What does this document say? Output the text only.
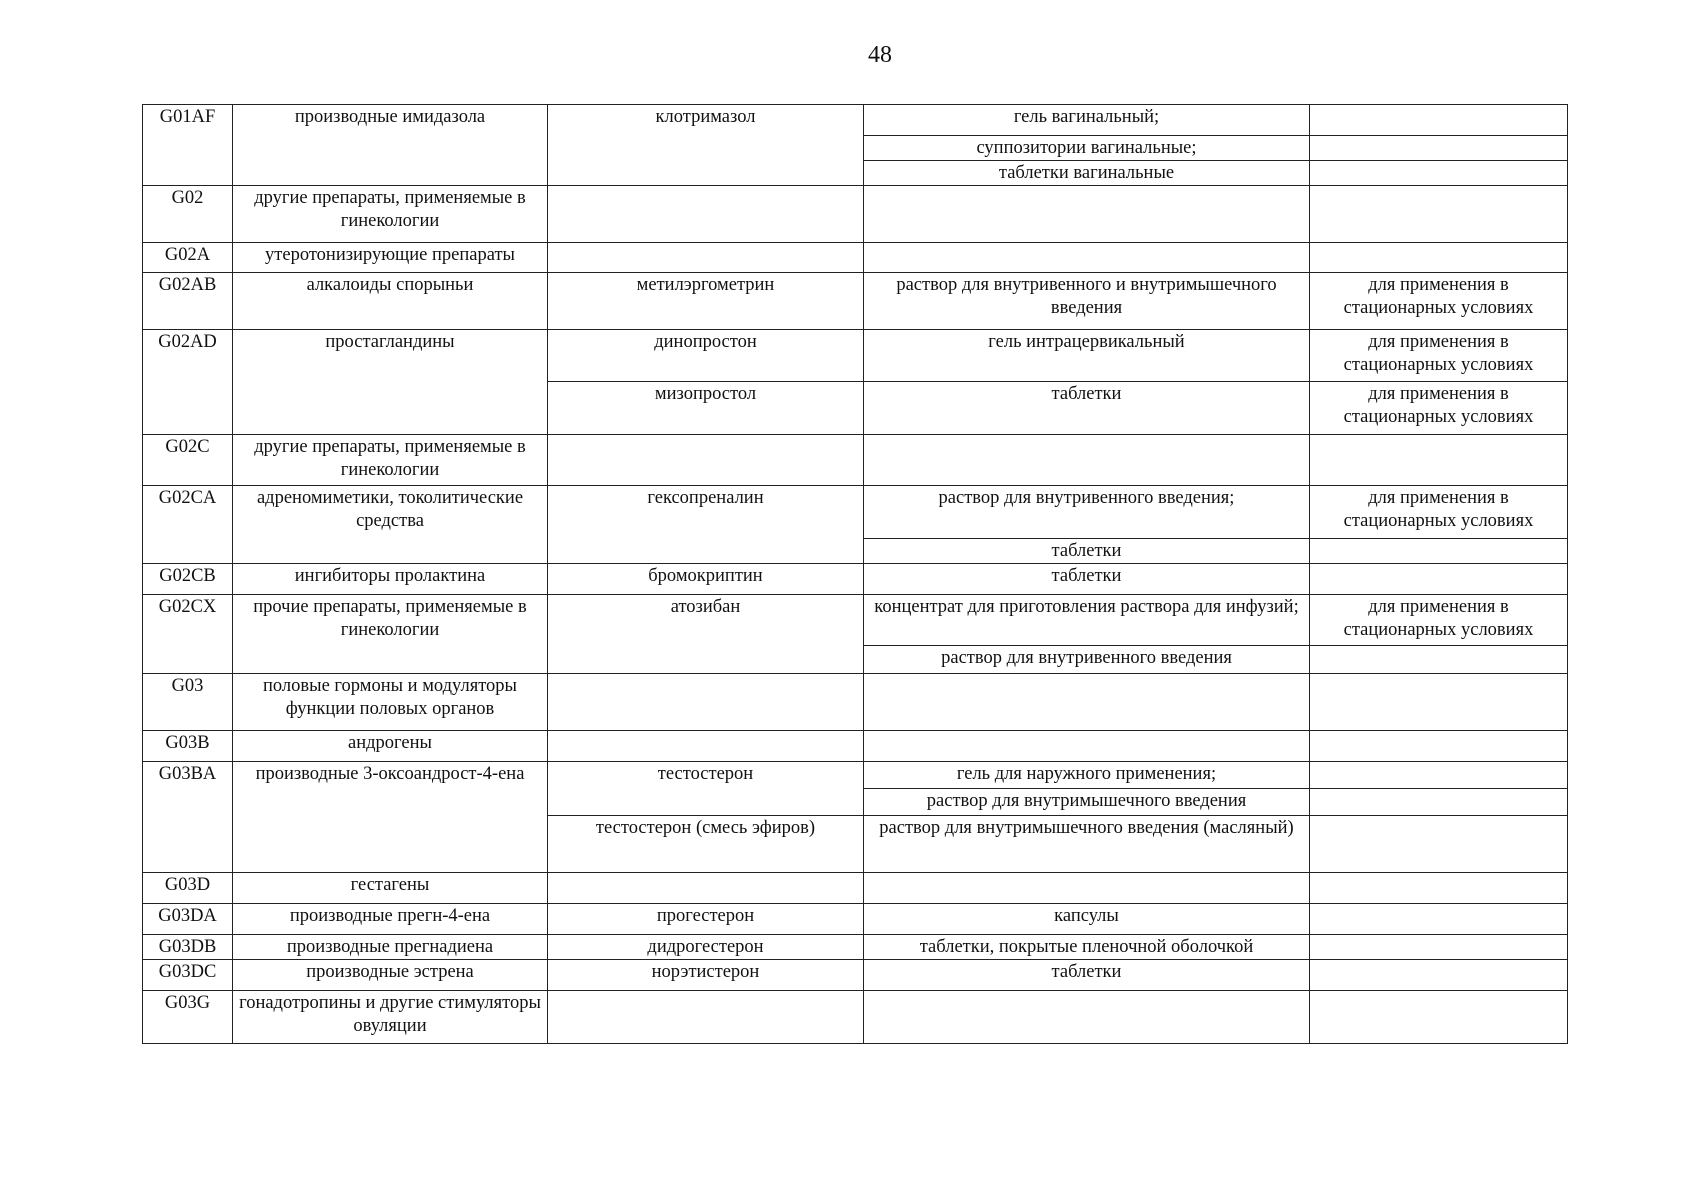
48
G01AF	производные имидазола	клотримазол	гель вагинальный;	
			суппозитории вагинальные;	
			таблетки вагинальные	
G02	другие препараты, применяемые в гинекологии			
G02A	утеротонизирующие препараты			
G02AB	алкалоиды спорыньи	метилэргометрин	раствор для внутривенного и внутримышечного введения	для применения в стационарных условиях
G02AD	простагландины	динопростон	гель интрацервикальный	для применения в стационарных условиях
		мизопростол	таблетки	для применения в стационарных условиях
G02C	другие препараты, применяемые в гинекологии			
G02CA	адреномиметики, токолитические средства	гексопреналин	раствор для внутривенного введения;	для применения в стационарных условиях
			таблетки	
G02CB	ингибиторы пролактина	бромокриптин	таблетки	
G02CX	прочие препараты, применяемые в гинекологии	атозибан	концентрат для приготовления раствора для инфузий;	для применения в стационарных условиях
			раствор для внутривенного введения	
G03	половые гормоны и модуляторы функции половых органов			
G03B	андрогены			
G03BA	производные 3-оксоандрост-4-ена	тестостерон	гель для наружного применения;	
			раствор для внутримышечного введения	
		тестостерон (смесь эфиров)	раствор для внутримышечного введения (масляный)	
G03D	гестагены			
G03DA	производные прегн-4-ена	прогестерон	капсулы	
G03DB	производные прегнадиена	дидрогестерон	таблетки, покрытые пленочной оболочкой	
G03DC	производные эстрена	норэтистерон	таблетки	
G03G	гонадотропины и другие стимуляторы овуляции			
